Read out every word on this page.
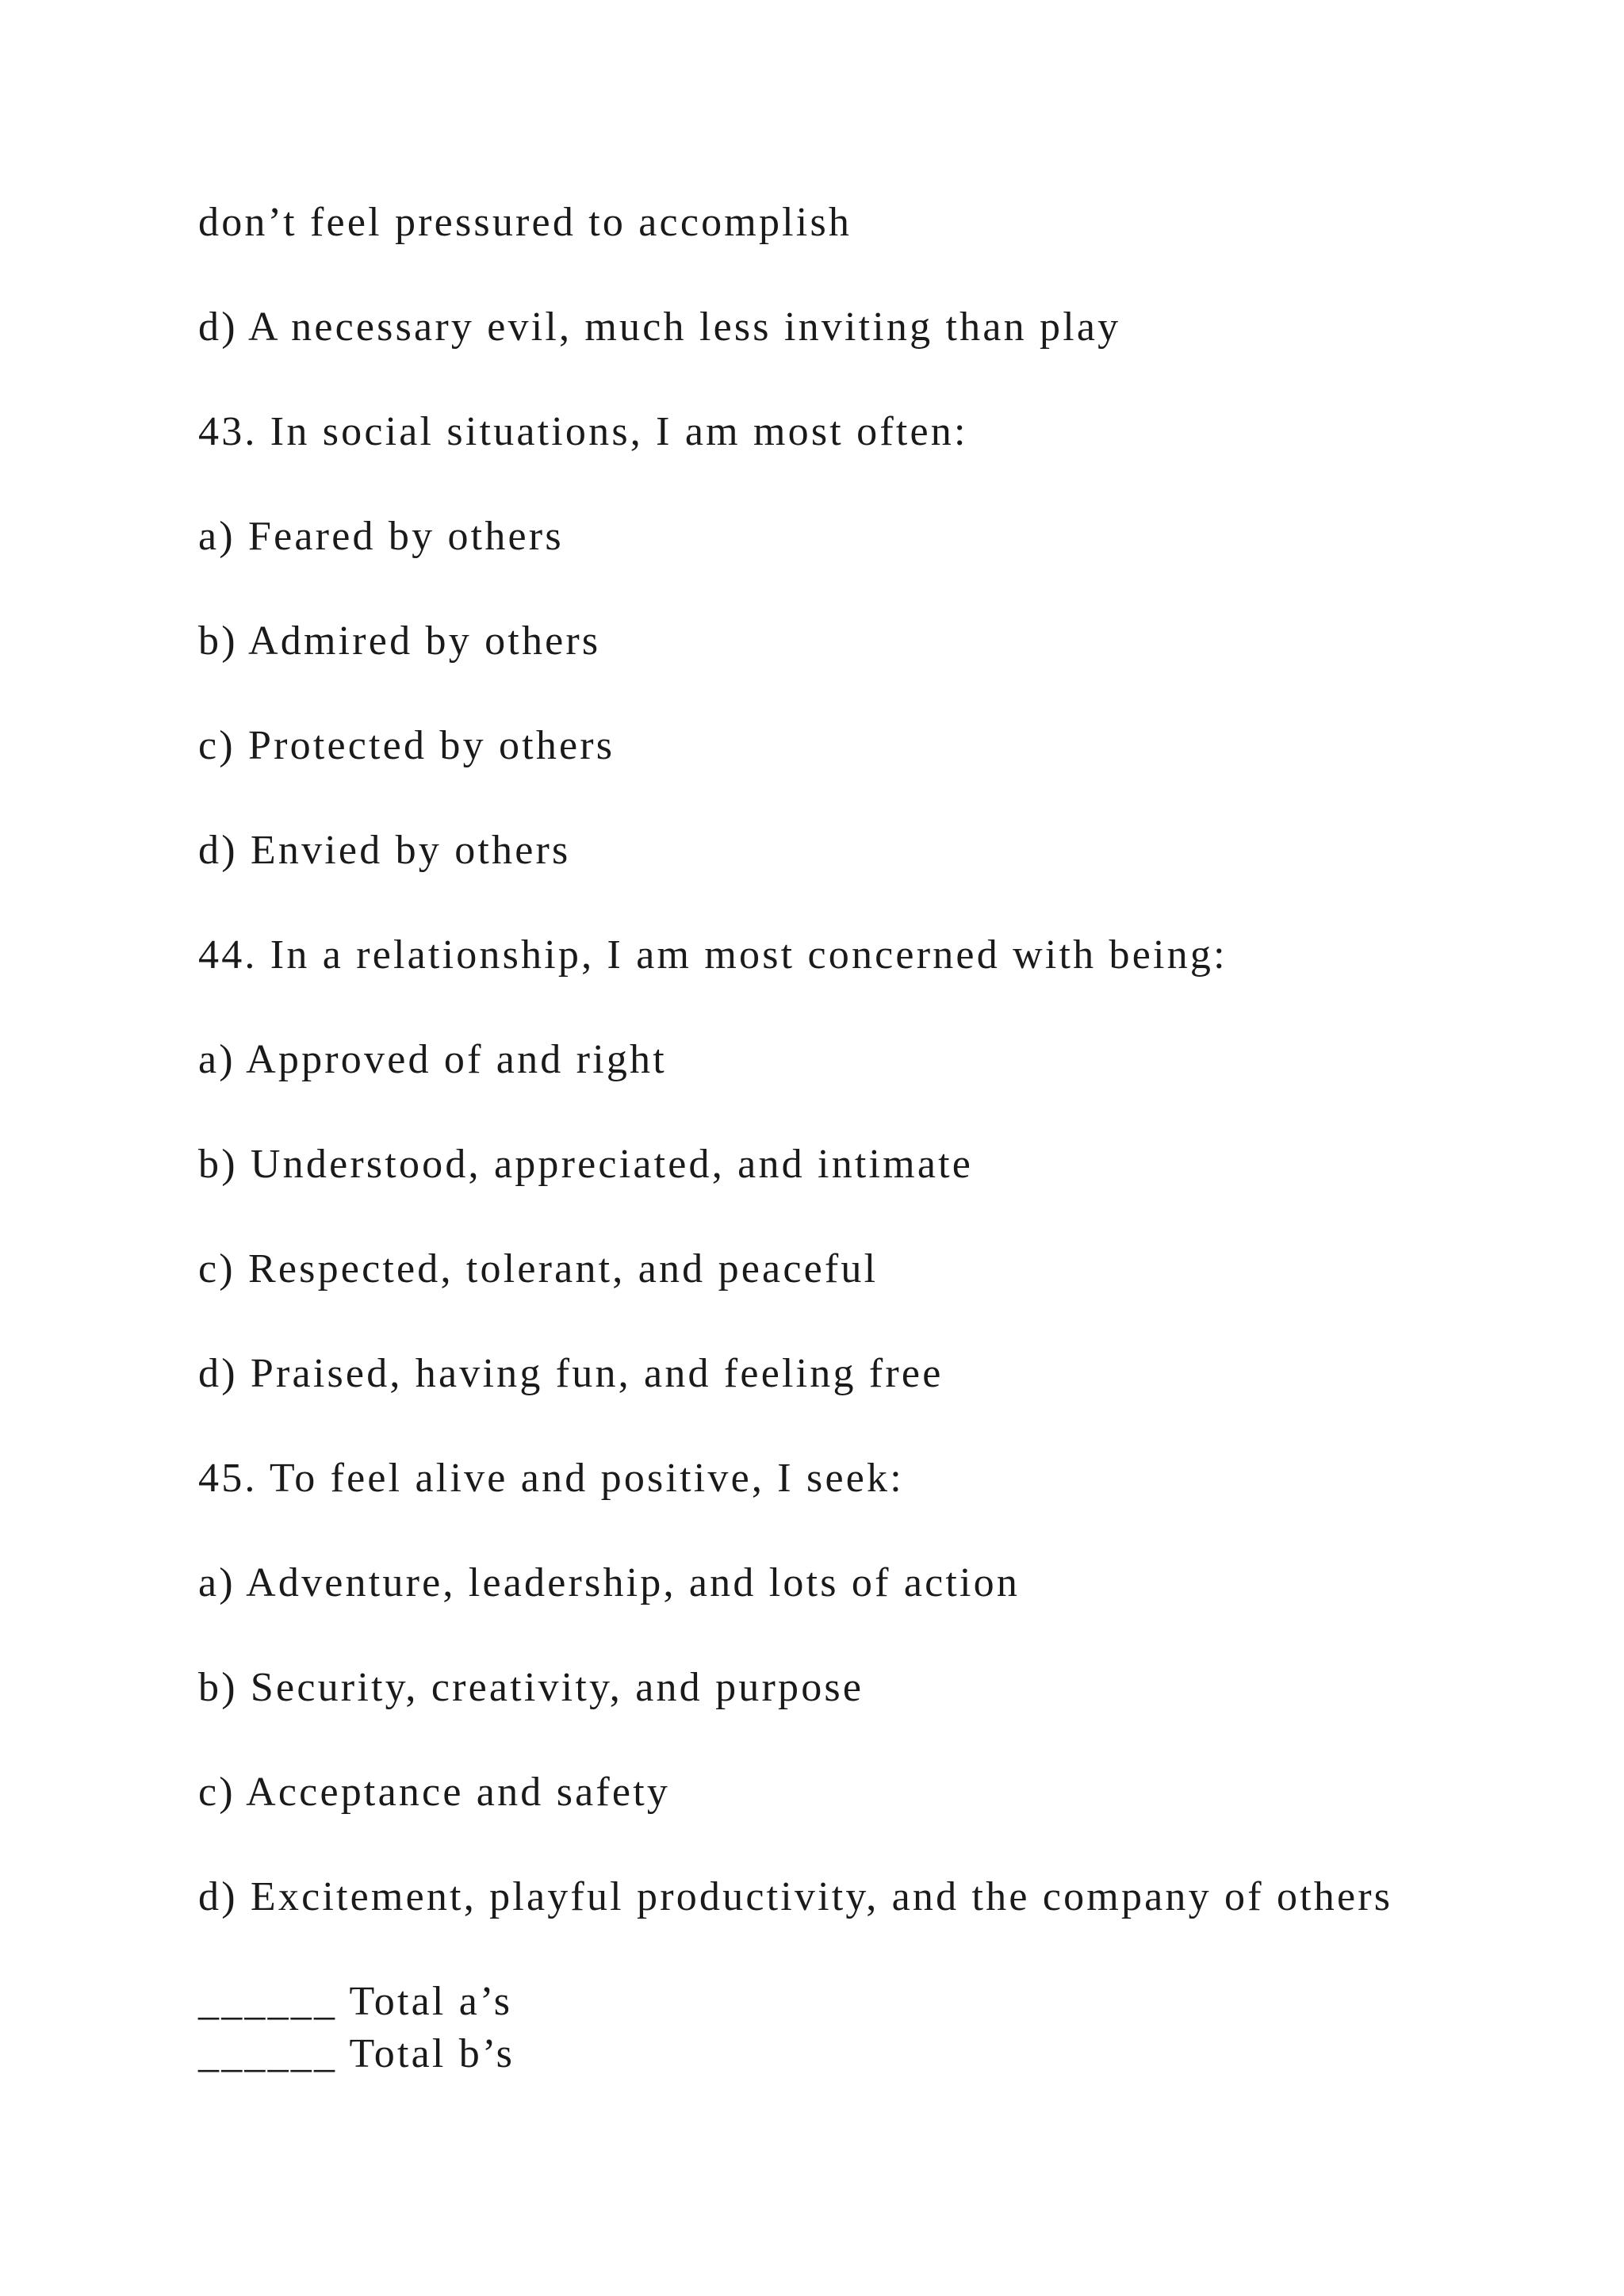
don’t feel pressured to accomplish

d) A necessary evil, much less inviting than play

43. In social situations, I am most often:

a) Feared by others

b) Admired by others

c) Protected by others

d) Envied by others

44. In a relationship, I am most concerned with being:

a) Approved of and right

b) Understood, appreciated, and intimate

c) Respected, tolerant, and peaceful

d) Praised, having fun, and feeling free

45. To feel alive and positive, I seek:

a) Adventure, leadership, and lots of action

b) Security, creativity, and purpose

c) Acceptance and safety

d) Excitement, playful productivity, and the company of others

______ Total a’s

______ Total b’s
